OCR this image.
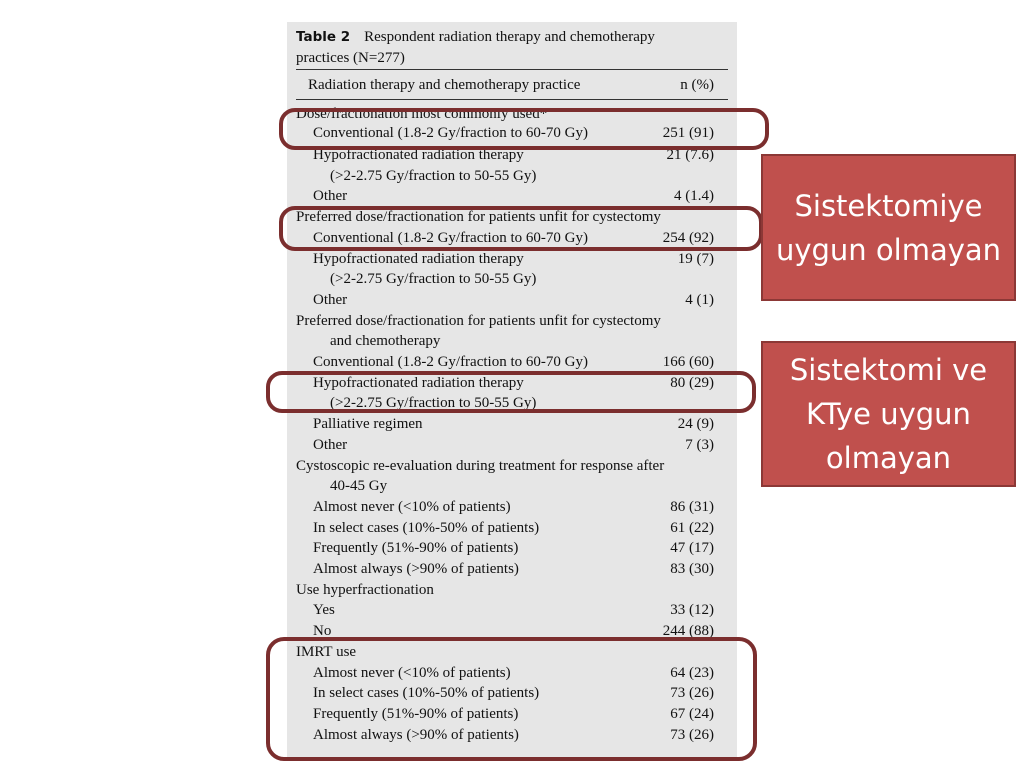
Table 2 Respondent radiation therapy and chemotherapy
practices (N=277)
Radiation therapy and chemotherapy practice	n (%)
Dose/fractionation most commonly used*
Conventional (1.8-2 Gy/fraction to 60-70 Gy)	251 (91)
Hypofractionated radiation therapy	21 (7.6)
(>2-2.75 Gy/fraction to 50-55 Gy)
Other	4 (1.4)
Preferred dose/fractionation for patients unfit for cystectomy
Conventional (1.8-2 Gy/fraction to 60-70 Gy)	254 (92)
Hypofractionated radiation therapy	19 (7)
(>2-2.75 Gy/fraction to 50-55 Gy)
Other	4 (1)
Preferred dose/fractionation for patients unfit for cystectomy
and chemotherapy
Conventional (1.8-2 Gy/fraction to 60-70 Gy)	166 (60)
Hypofractionated radiation therapy	80 (29)
(>2-2.75 Gy/fraction to 50-55 Gy)
Palliative regimen	24 (9)
Other	7 (3)
Cystoscopic re-evaluation during treatment for response after
40-45 Gy
Almost never (<10% of patients)	86 (31)
In select cases (10%-50% of patients)	61 (22)
Frequently (51%-90% of patients)	47 (17)
Almost always (>90% of patients)	83 (30)
Use hyperfractionation
Yes	33 (12)
No	244 (88)
IMRT use
Almost never (<10% of patients)	64 (23)
In select cases (10%-50% of patients)	73 (26)
Frequently (51%-90% of patients)	67 (24)
Almost always (>90% of patients)	73 (26)
Sistektomiye uygun olmayan
Sistektomi ve KTye uygun olmayan
